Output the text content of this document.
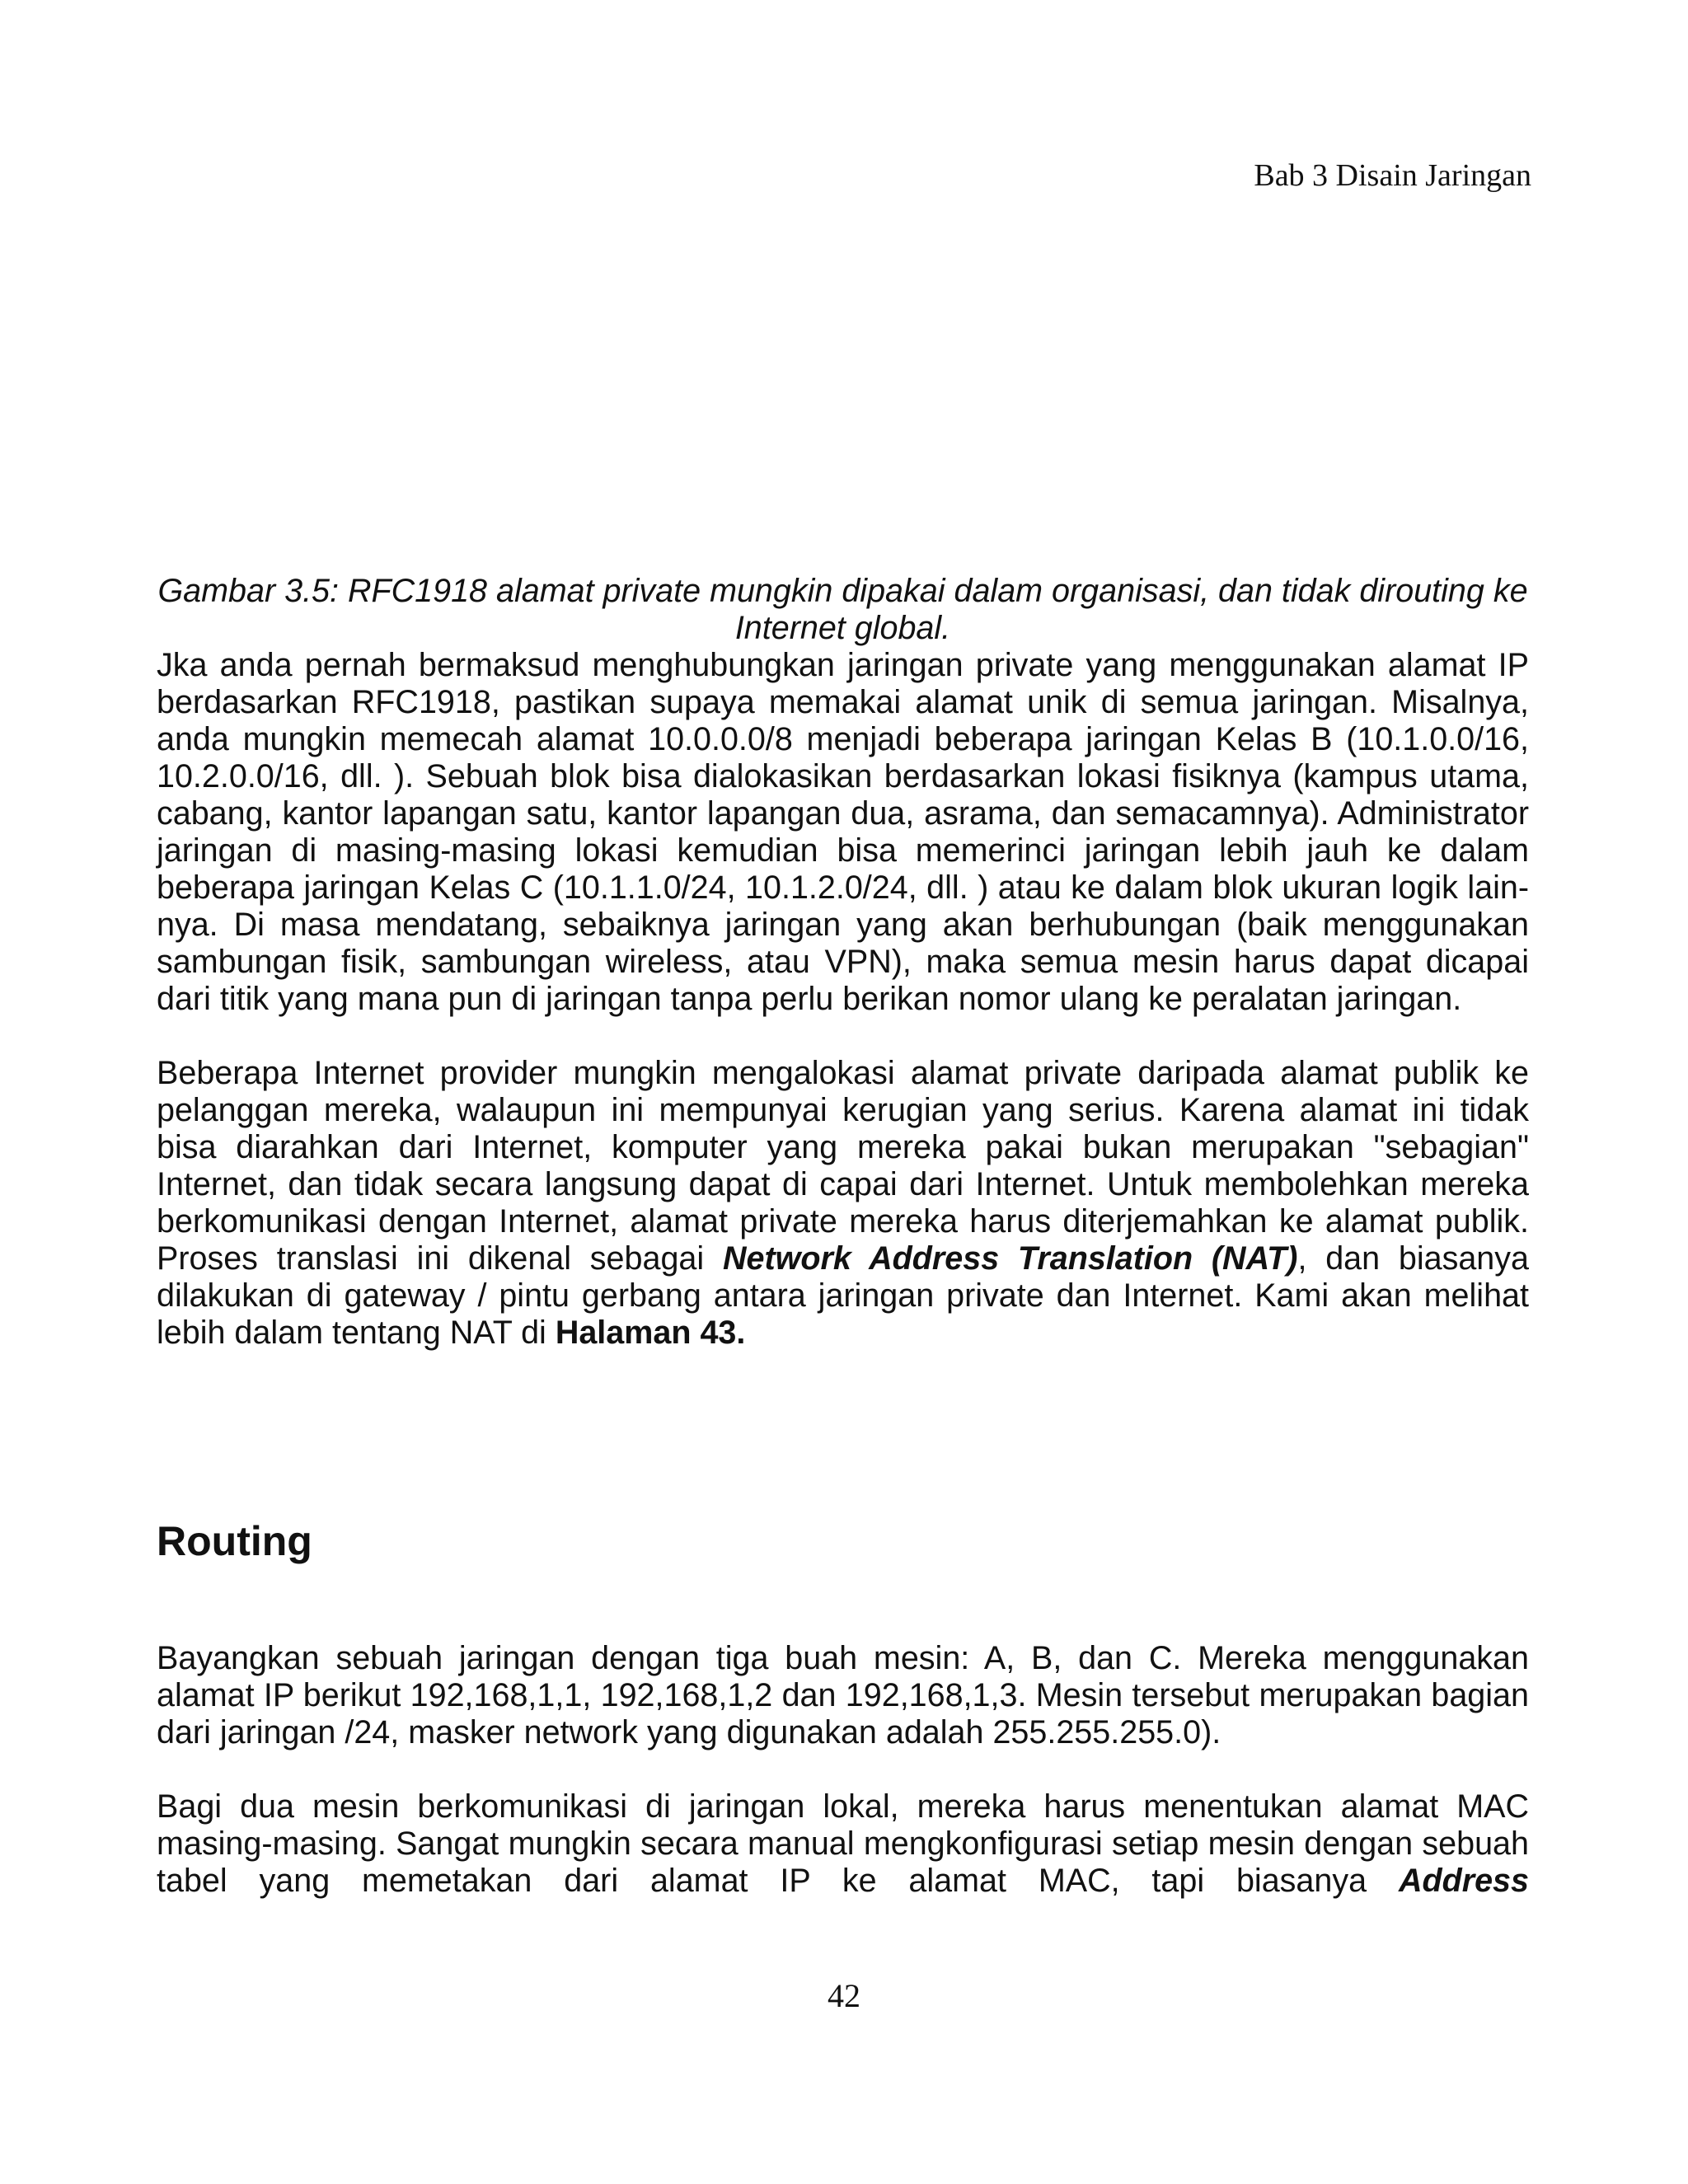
Bab 3 Disain Jaringan

Gambar 3.5: RFC1918 alamat private mungkin dipakai dalam organisasi, dan tidak dirouting ke Internet global.

Jka anda pernah bermaksud menghubungkan jaringan private yang menggunakan alamat IP berdasarkan RFC1918, pastikan supaya memakai alamat unik di semua jaringan. Misalnya, anda mungkin memecah alamat 10.0.0.0/8 menjadi beberapa jaringan Kelas B (10.1.0.0/16, 10.2.0.0/16, dll. ). Sebuah blok bisa dialokasikan berdasarkan lokasi fisiknya (kampus utama, cabang, kantor lapangan satu, kantor lapangan dua, asrama, dan semacamnya). Administrator jaringan di masing-masing lokasi kemudian bisa memerinci jaringan lebih jauh ke dalam beberapa jaringan Kelas C (10.1.1.0/24, 10.1.2.0/24, dll. ) atau ke dalam blok ukuran logik lain-nya. Di masa mendatang, sebaiknya jaringan yang akan berhubungan (baik menggunakan sambungan fisik, sambungan wireless, atau VPN), maka semua mesin harus dapat dicapai dari titik yang mana pun di jaringan tanpa perlu berikan nomor ulang ke peralatan jaringan.

Beberapa Internet provider mungkin mengalokasi alamat private daripada alamat publik ke pelanggan mereka, walaupun ini mempunyai kerugian yang serius. Karena alamat ini tidak bisa diarahkan dari Internet, komputer yang mereka pakai bukan merupakan "sebagian" Internet, dan tidak secara langsung dapat di capai dari Internet. Untuk membolehkan mereka berkomunikasi dengan Internet, alamat private mereka harus diterjemahkan ke alamat publik. Proses translasi ini dikenal sebagai Network Address Translation (NAT), dan biasanya dilakukan di gateway / pintu gerbang antara jaringan private dan Internet. Kami akan melihat lebih dalam tentang NAT di Halaman 43.

Routing

Bayangkan sebuah jaringan dengan tiga buah mesin: A, B, dan C. Mereka menggunakan alamat IP berikut 192,168,1,1, 192,168,1,2 dan 192,168,1,3. Mesin tersebut merupakan bagian dari jaringan /24, masker network yang digunakan adalah 255.255.255.0).

Bagi dua mesin berkomunikasi di jaringan lokal, mereka harus menentukan alamat MAC masing-masing. Sangat mungkin secara manual mengkonfigurasi setiap mesin dengan sebuah tabel yang memetakan dari alamat IP ke alamat MAC, tapi biasanya Address

42
